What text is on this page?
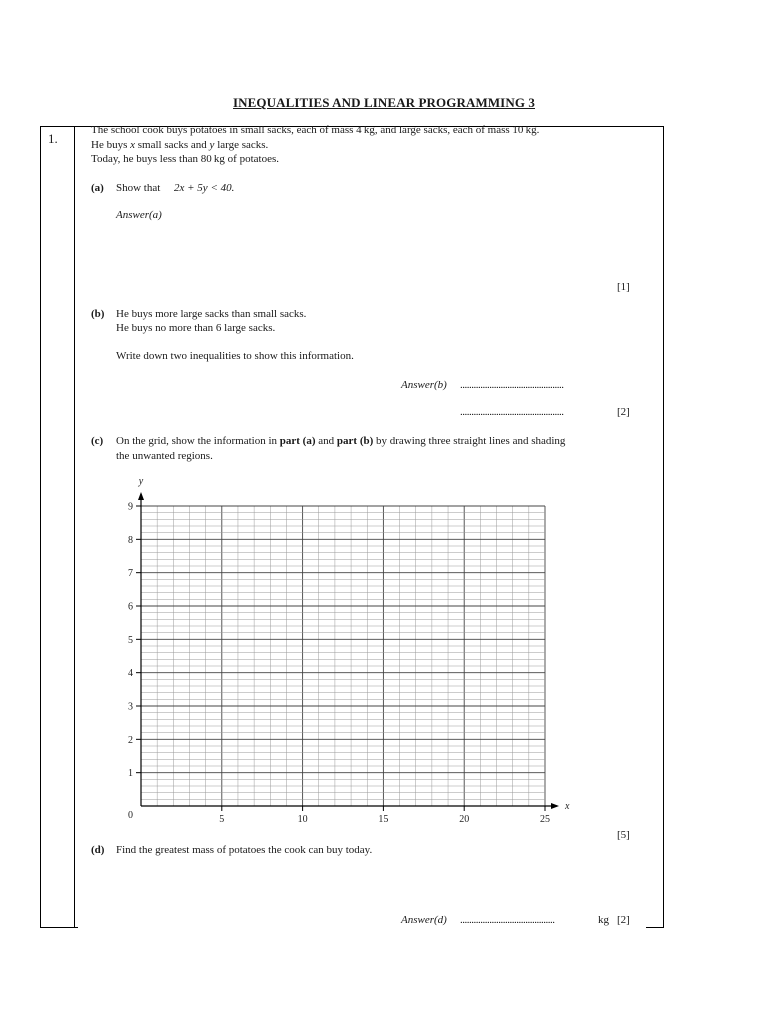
INEQUALITIES AND LINEAR PROGRAMMING 3
1.
The school cook buys potatoes in small sacks, each of mass 4 kg, and large sacks, each of mass 10 kg.
He buys x small sacks and y large sacks.
Today, he buys less than 80 kg of potatoes.
(a) Show that 2x + 5y < 40.
Answer(a)
[1]
(b) He buys more large sacks than small sacks.
He buys no more than 6 large sacks.
Write down two inequalities to show this information.
Answer(b) ..............................................
..............................................	[2]
(c) On the grid, show the information in part (a) and part (b) by drawing three straight lines and shading
the unwanted regions.
1
2
3
4
5
6
7
8
9
5	10	15	20	25
0
x
y
[5]
(d) Find the greatest mass of potatoes the cook can buy today.
Answer(d) ..........................................	kg [2]
